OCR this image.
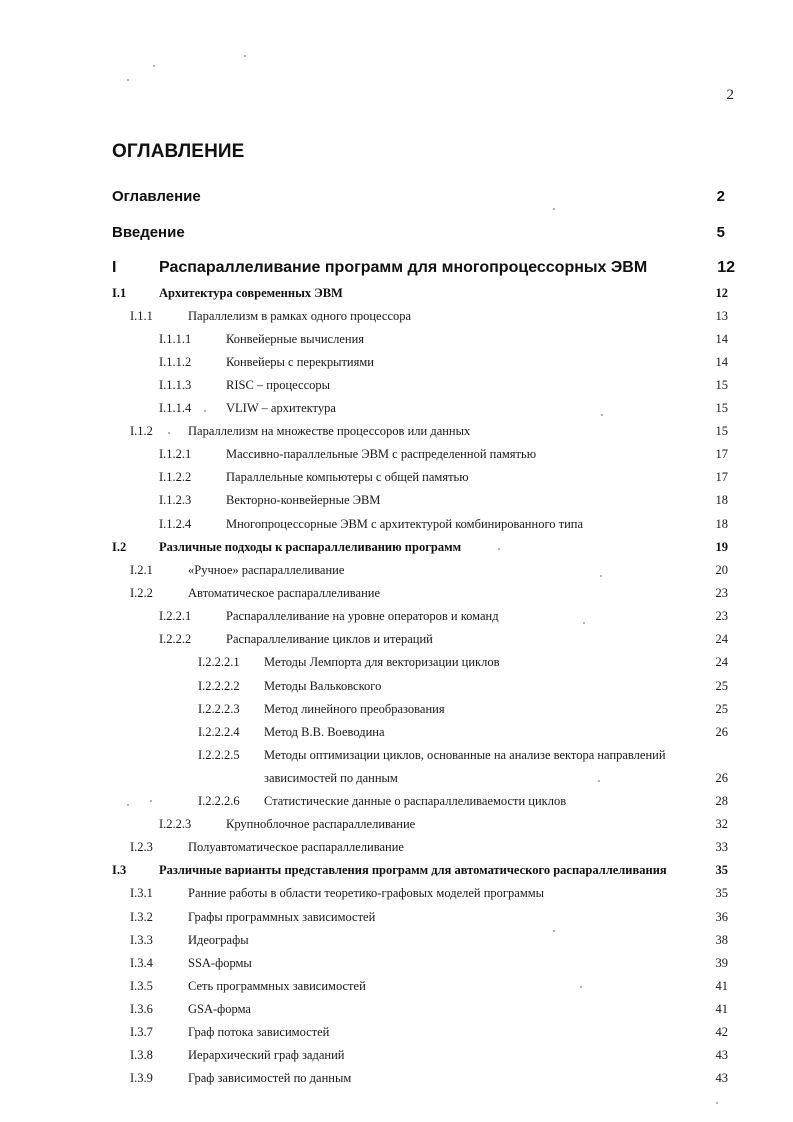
2
ОГЛАВЛЕНИЕ
Оглавление	2
Введение	5
I	Распараллеливание программ для многопроцессорных ЭВМ	12
I.1	Архитектура современных ЭВМ	12
I.1.1	Параллелизм в рамках одного процессора	13
I.1.1.1	Конвейерные вычисления	14
I.1.1.2	Конвейеры с перекрытиями	14
I.1.1.3	RISC – процессоры	15
I.1.1.4	VLIW – архитектура	15
I.1.2	Параллелизм на множестве процессоров или данных	15
I.1.2.1	Массивно-параллельные ЭВМ с распределенной памятью	17
I.1.2.2	Параллельные компьютеры с общей памятью	17
I.1.2.3	Векторно-конвейерные ЭВМ	18
I.1.2.4	Многопроцессорные ЭВМ с архитектурой комбинированного типа	18
I.2	Различные подходы к распараллеливанию программ	19
I.2.1	«Ручное» распараллеливание	20
I.2.2	Автоматическое распараллеливание	23
I.2.2.1	Распараллеливание на уровне операторов и команд	23
I.2.2.2	Распараллеливание циклов и итераций	24
I.2.2.2.1 Методы Лемпорта для векторизации циклов	24
I.2.2.2.2 Методы Вальковского	25
I.2.2.2.3 Метод линейного преобразования	25
I.2.2.2.4 Метод В.В. Воеводина	26
I.2.2.2.5 Методы оптимизации циклов, основанные на анализе вектора направлений
зависимостей по данным	26
I.2.2.2.6 Статистические данные о распараллеливаемости циклов	28
I.2.2.3	Крупноблочное распараллеливание	32
I.2.3	Полуавтоматическое распараллеливание	33
I.3	Различные варианты представления программ для автоматического распараллеливания	35
I.3.1	Ранние работы в области теоретико-графовых моделей программы	35
I.3.2	Графы программных зависимостей	36
I.3.3	Идеографы	38
I.3.4	SSA-формы	39
I.3.5	Сеть программных зависимостей	41
I.3.6	GSA-форма	41
I.3.7	Граф потока зависимостей	42
I.3.8	Иерархический граф заданий	43
I.3.9	Граф зависимостей по данным	43
